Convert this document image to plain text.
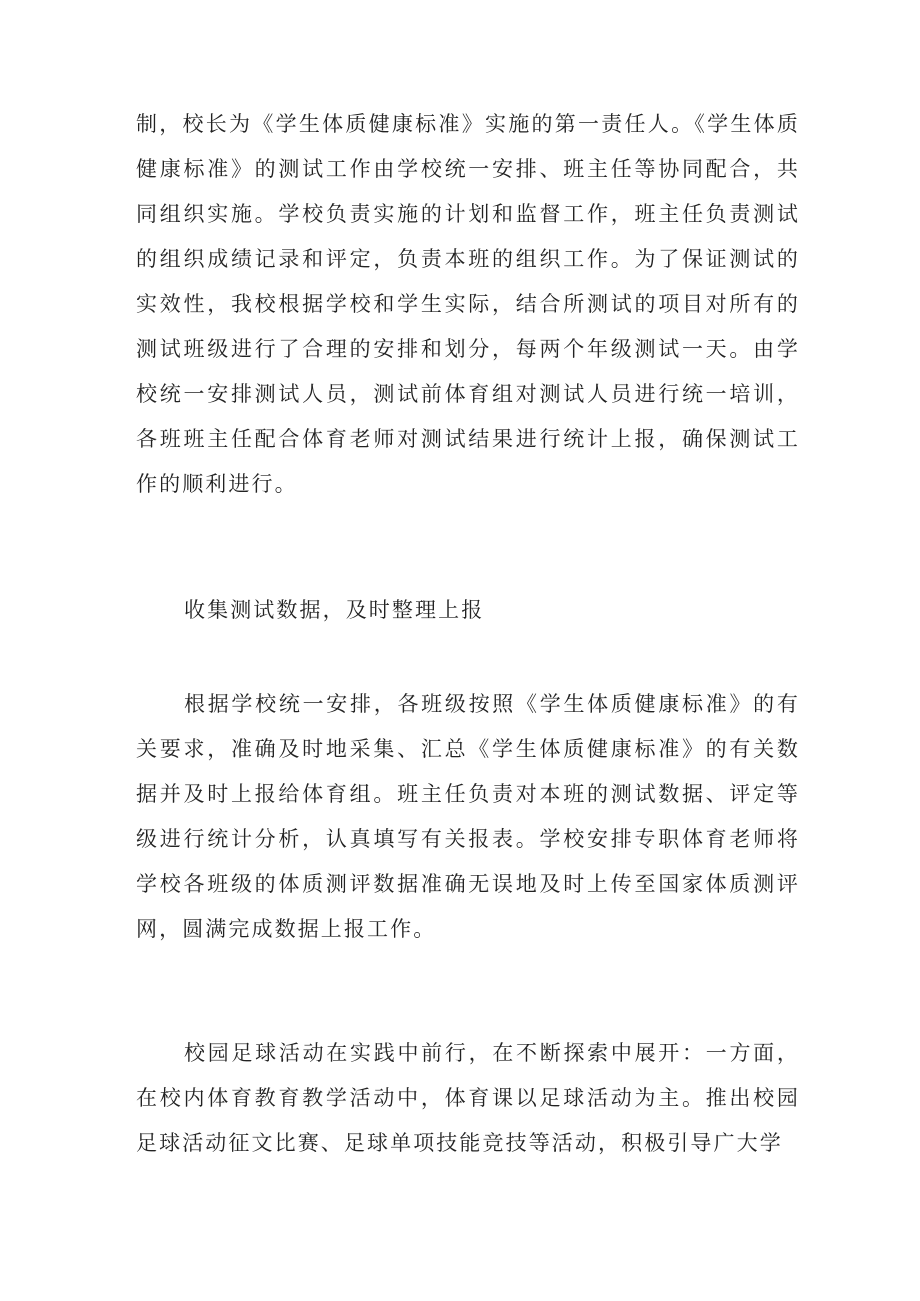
制，校长为《学生体质健康标准》实施的第一责任人。《学生体质健康标准》的测试工作由学校统一安排、班主任等协同配合，共同组织实施。学校负责实施的计划和监督工作，班主任负责测试的组织成绩记录和评定，负责本班的组织工作。为了保证测试的实效性，我校根据学校和学生实际，结合所测试的项目对所有的测试班级进行了合理的安排和划分，每两个年级测试一天。由学校统一安排测试人员，测试前体育组对测试人员进行统一培训，各班班主任配合体育老师对测试结果进行统计上报，确保测试工作的顺利进行。

收集测试数据，及时整理上报

根据学校统一安排，各班级按照《学生体质健康标准》的有关要求，准确及时地采集、汇总《学生体质健康标准》的有关数据并及时上报给体育组。班主任负责对本班的测试数据、评定等级进行统计分析，认真填写有关报表。学校安排专职体育老师将学校各班级的体质测评数据准确无误地及时上传至国家体质测评网，圆满完成数据上报工作。

校园足球活动在实践中前行，在不断探索中展开：一方面，在校内体育教育教学活动中，体育课以足球活动为主。推出校园足球活动征文比赛、足球单项技能竞技等活动，积极引导广大学
